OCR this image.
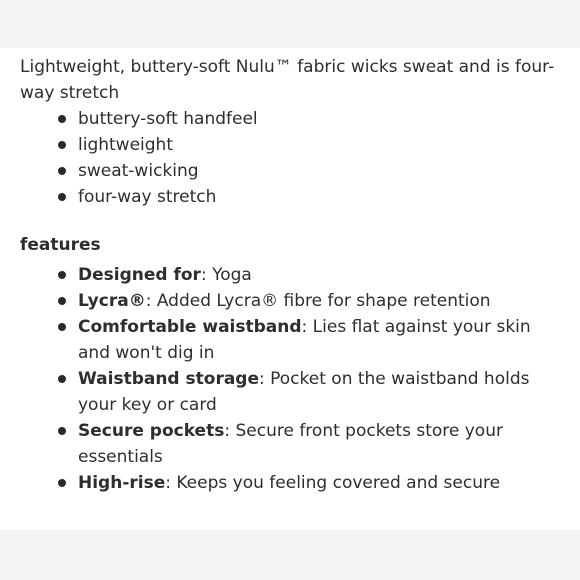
Lightweight, buttery-soft Nulu™ fabric wicks sweat and is four-way stretch

buttery-soft handfeel
lightweight
sweat-wicking
four-way stretch
features
Designed for: Yoga
Lycra®: Added Lycra® fibre for shape retention
Comfortable waistband: Lies flat against your skin and won't dig in
Waistband storage: Pocket on the waistband holds your key or card
Secure pockets: Secure front pockets store your essentials
High-rise: Keeps you feeling covered and secure
